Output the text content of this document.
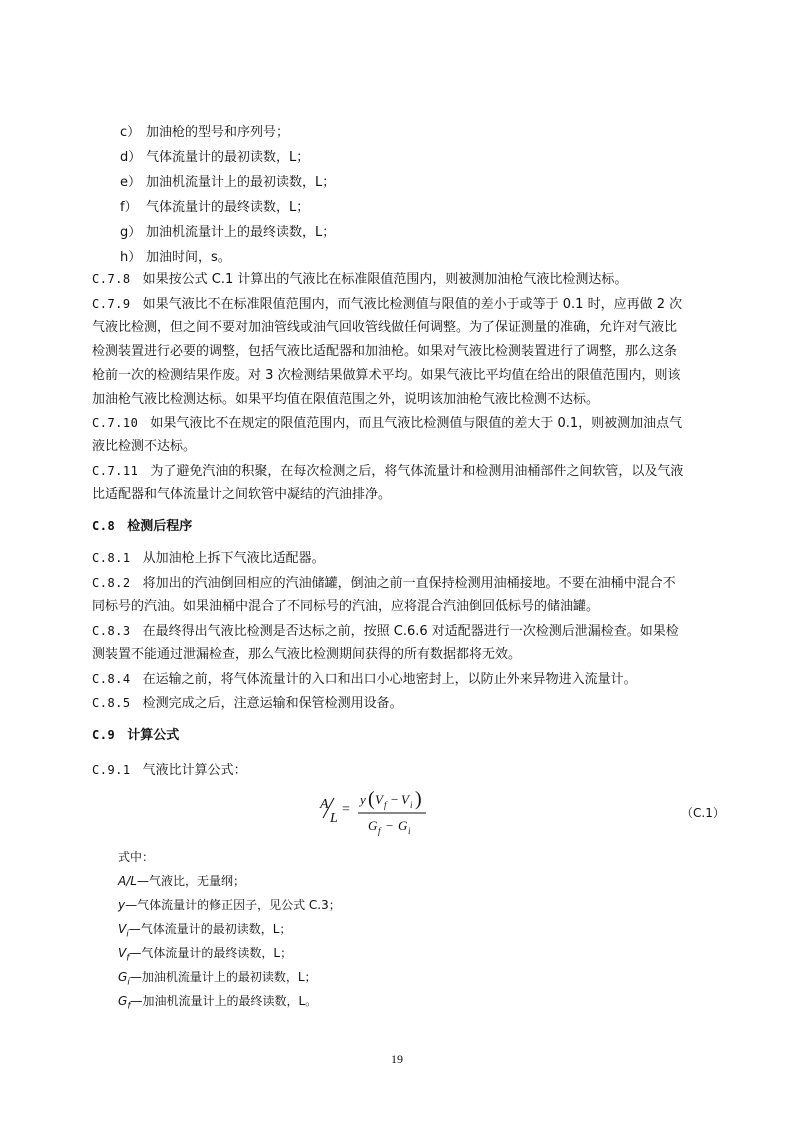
c） 加油枪的型号和序列号；
d） 气体流量计的最初读数，L；
e） 加油机流量计上的最初读数，L；
f） 气体流量计的最终读数，L；
g） 加油机流量计上的最终读数，L；
h） 加油时间，s。
C.7.8 如果按公式 C.1 计算出的气液比在标准限值范围内，则被测加油枪气液比检测达标。
C.7.9 如果气液比不在标准限值范围内，而气液比检测值与限值的差小于或等于 0.1 时，应再做 2 次
气液比检测，但之间不要对加油管线或油气回收管线做任何调整。为了保证测量的准确，允许对气液比
检测装置进行必要的调整，包括气液比适配器和加油枪。如果对气液比检测装置进行了调整，那么这条
枪前一次的检测结果作废。对 3 次检测结果做算术平均。如果气液比平均值在给出的限值范围内，则该
加油枪气液比检测达标。如果平均值在限值范围之外，说明该加油枪气液比检测不达标。
C.7.10 如果气液比不在规定的限值范围内，而且气液比检测值与限值的差大于 0.1，则被测加油点气
液比检测不达标。
C.7.11 为了避免汽油的积聚，在每次检测之后，将气体流量计和检测用油桶部件之间软管，以及气液
比适配器和气体流量计之间软管中凝结的汽油排净。
C.8 检测后程序
C.8.1 从加油枪上拆下气液比适配器。
C.8.2 将加出的汽油倒回相应的汽油储罐，倒油之前一直保持检测用油桶接地。不要在油桶中混合不
同标号的汽油。如果油桶中混合了不同标号的汽油，应将混合汽油倒回低标号的储油罐。
C.8.3 在最终得出气液比检测是否达标之前，按照 C.6.6 对适配器进行一次检测后泄漏检查。如果检
测装置不能通过泄漏检查，那么气液比检测期间获得的所有数据都将无效。
C.8.4 在运输之前，将气体流量计的入口和出口小心地密封上，以防止外来异物进入流量计。
C.8.5 检测完成之后，注意运输和保管检测用设备。
C.9 计算公式
C.9.1 气液比计算公式：
A
L
=
y ( V f − V i )
G f − G i
（C.1）
式中：
A/L—气液比，无量纲；
y—气体流量计的修正因子，见公式 C.3；
$V_i—$气体流量计的最初读数，L；
$V_f—$气体流量计的最终读数，L；
$G_i—$加油机流量计上的最初读数，L；
$G_f—$加油机流量计上的最终读数，L。
19
